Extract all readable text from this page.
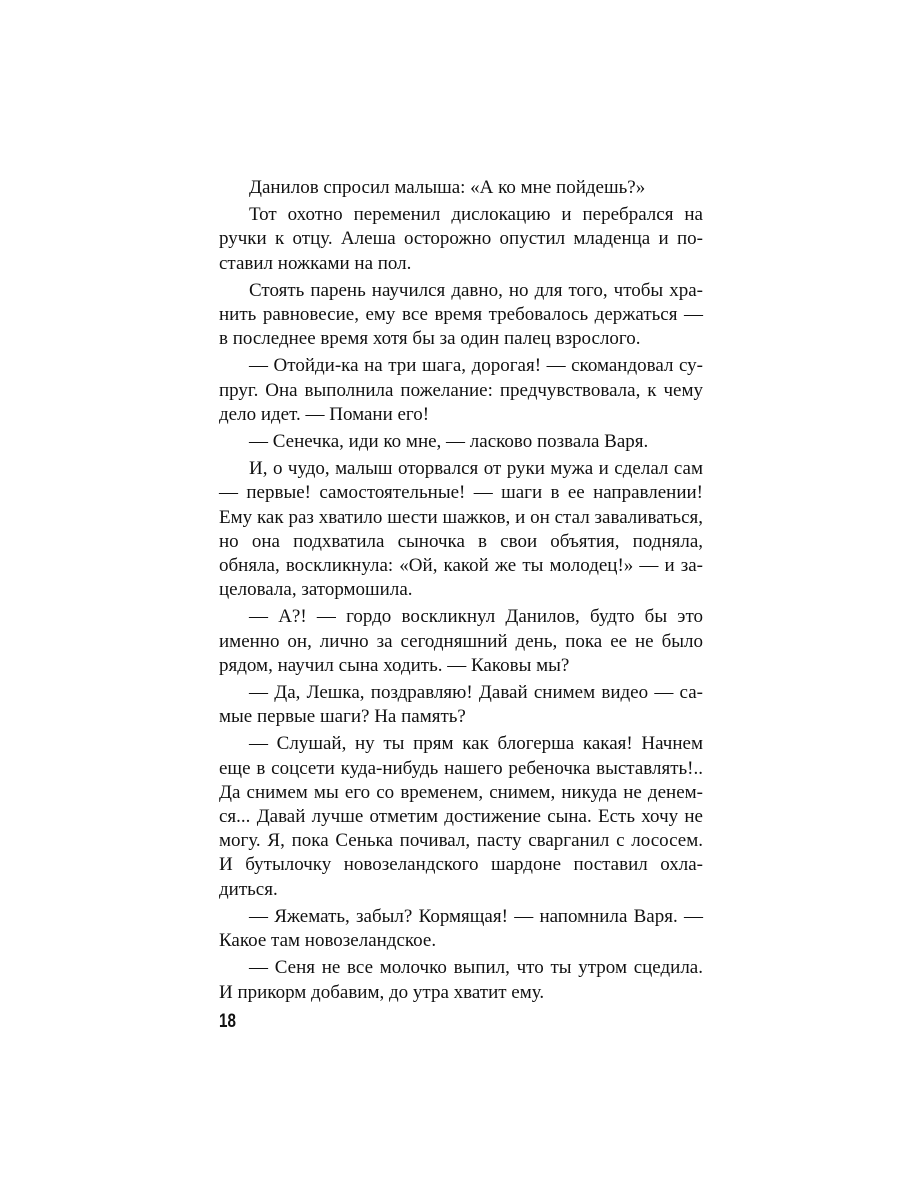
Данилов спросил малыша: «А ко мне пойдешь?»

Тот охотно переменил дислокацию и перебрался на ручки к отцу. Алеша осторожно опустил младенца и поставил ножками на пол.

Стоять парень научился давно, но для того, чтобы хранить равновесие, ему все время требовалось держаться — в последнее время хотя бы за один палец взрослого.

— Отойди-ка на три шага, дорогая! — скомандовал супруг. Она выполнила пожелание: предчувствовала, к чему дело идет. — Помани его!

— Сенечка, иди ко мне, — ласково позвала Варя.

И, о чудо, малыш оторвался от руки мужа и сделал сам — первые! самостоятельные! — шаги в ее направлении! Ему как раз хватило шести шажков, и он стал заваливаться, но она подхватила сыночка в свои объятия, подняла, обняла, воскликнула: «Ой, какой же ты молодец!» — и зацеловала, затормошила.

— А?! — гордо воскликнул Данилов, будто бы это именно он, лично за сегодняшний день, пока ее не было рядом, научил сына ходить. — Каковы мы?

— Да, Лешка, поздравляю! Давай снимем видео — самые первые шаги? На память?

— Слушай, ну ты прям как блогерша какая! Начнем еще в соцсети куда-нибудь нашего ребеночка выставлять!.. Да снимем мы его со временем, снимем, никуда не денемся... Давай лучше отметим достижение сына. Есть хочу не могу. Я, пока Сенька почивал, пасту сварганил с лососем. И бутылочку новозеландского шардоне поставил охладиться.

— Яжемать, забыл? Кормящая! — напомнила Варя. — Какое там новозеландское.

— Сеня не все молочко выпил, что ты утром сцедила. И прикорм добавим, до утра хватит ему.

18
